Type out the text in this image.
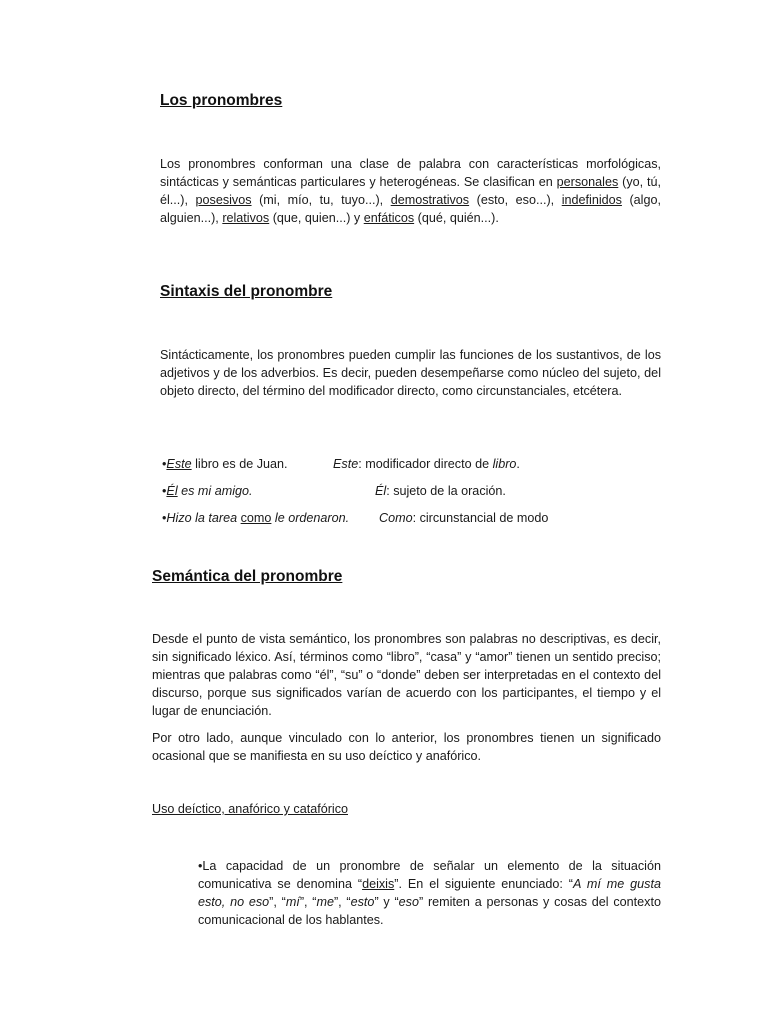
Los pronombres

Los pronombres conforman una clase de palabra con características morfológicas, sintácticas y semánticas particulares y heterogéneas. Se clasifican en personales (yo, tú, él...), posesivos (mi, mío, tu, tuyo...), demostrativos (esto, eso...), indefinidos (algo, alguien...), relativos (que, quien...) y enfáticos (qué, quién...).

Sintaxis del pronombre

Sintácticamente, los pronombres pueden cumplir las funciones de los sustantivos, de los adjetivos y de los adverbios. Es decir, pueden desempeñarse como núcleo del sujeto, del objeto directo, del término del modificador directo, como circunstanciales, etcétera.

•Este libro es de Juan.	Este: modificador directo de libro.
•Él es mi amigo.	Él: sujeto de la oración.
•Hizo la tarea como le ordenaron. Como: circunstancial de modo
Semántica del pronombre

Desde el punto de vista semántico, los pronombres son palabras no descriptivas, es decir, sin significado léxico. Así, términos como “libro”, “casa” y “amor” tienen un sentido preciso; mientras que palabras como “él”, “su” o “donde” deben ser interpretadas en el contexto del discurso, porque sus significados varían de acuerdo con los participantes, el tiempo y el lugar de enunciación.

Por otro lado, aunque vinculado con lo anterior, los pronombres tienen un significado ocasional que se manifiesta en su uso deíctico y anafórico.

Uso deíctico, anafórico y catafórico

•La capacidad de un pronombre de señalar un elemento de la situación comunicativa se denomina “deixis”. En el siguiente enunciado: “A mí me gusta esto, no eso”, “mí”, “me”, “esto” y “eso” remiten a personas y cosas del contexto comunicacional de los hablantes.
